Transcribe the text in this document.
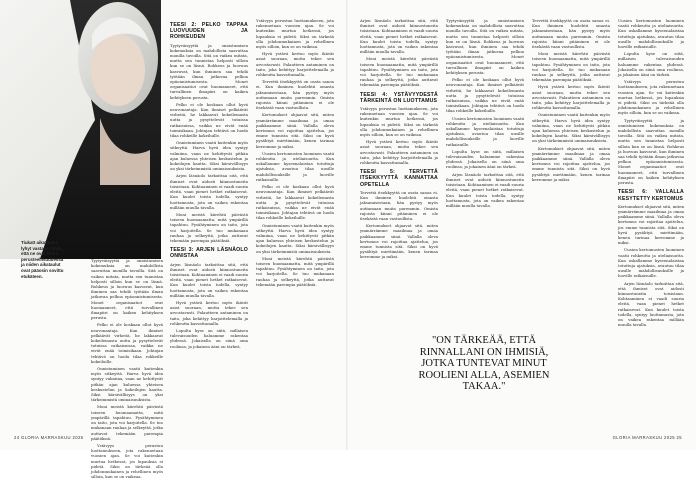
Tiukatt aikataulot: lyhyt vastaus tähän, että ne ovat kiinni perusteellisuudessa ja niiden aikataulut ovat pääosin sovittu etukäteen.

Tyytyväisyyttä ja onnistumisen kokemuksia on mahdollista saavuttaa monilla tavoilla. Sitä on vaikea mitata, mutta sen tunnistaa helposti silloin kun se on läsnä. Rohkeus ja luovuus kasvavat, kun ihminen saa tehdä työtään ilman jatkuvaa pelkoa epäonnistumisesta. Monet organisaatiot ovat huomanneet, että turvallinen ilmapiiri on kaiken kehityksen perusta.

Pelko ei ole koskaan ollut hyvä neuvonantaja. Kun ihmiset pelkäävät virheitä, he lakkaavat kokeilemasta uutta ja pysyttelevät tutuissa ratkaisuissa, vaikka ne eivät enää toimisikaan. Johtajan tehtävä on luoda tilaa rohkeille kokeiluille.

Onnistuminen vaatii kuitenkin myös sitkeyttä. Harva hyvä idea syntyy valmiina, vaan ne kehittyvät pitkän ajan kuluessa yhteisen keskustelun ja kokeilujen kautta. Siksi kärsivällisyys on yksi tärkeimmistä ominaisuuksista.

Moni meistä kiirehtii päivästä toiseen huomaamatta, mitä ympärillä tapahtuu. Pysähtyminen on taito, jota voi harjoitella. Se tuo mukanaan rauhaa ja selkeyttä, jotka auttavat tekemään parempia päätöksiä.

Ystävyys perustuu luottamukseen, jota rakennetaan vuosien ajan. Se voi kuitenkin murtua hetkessä, jos lupauksia ei pidetä. Siksi on tärkeää olla johdonmukainen ja rehellinen myös silloin, kun se on vaikeaa.

TEESI 2: PELKO TAPPAA LUOVUUDEN JA ROHKEUDEN

Tyytyväisyyttä ja onnistumisen kokemuksia on mahdollista saavuttaa monilla tavoilla. Sitä on vaikea mitata, mutta sen tunnistaa helposti silloin kun se on läsnä. Rohkeus ja luovuus kasvavat, kun ihminen saa tehdä työtään ilman jatkuvaa pelkoa epäonnistumisesta. Monet organisaatiot ovat huomanneet, että turvallinen ilmapiiri on kaiken kehityksen perusta.

Pelko ei ole koskaan ollut hyvä neuvonantaja. Kun ihmiset pelkäävät virheitä, he lakkaavat kokeilemasta uutta ja pysyttelevät tutuissa ratkaisuissa, vaikka ne eivät enää toimisikaan. Johtajan tehtävä on luoda tilaa rohkeille kokeiluille.

Onnistuminen vaatii kuitenkin myös sitkeyttä. Harva hyvä idea syntyy valmiina, vaan ne kehittyvät pitkän ajan kuluessa yhteisen keskustelun ja kokeilujen kautta. Siksi kärsivällisyys on yksi tärkeimmistä ominaisuuksista.

Arjen läsnäolo tarkoittaa sitä, että ihmiset ovat aidosti kiinnostuneita toisistaan. Kohtaaminen ei vaadi suuria eleitä, vaan pienet hetket ratkaisevat. Kun kuulet toista todella, syntyy luottamusta, jota on vaikea rakentaa millään muulla tavalla.

Moni meistä kiirehtii päivästä toiseen huomaamatta, mitä ympärillä tapahtuu. Pysähtyminen on taito, jota voi harjoitella. Se tuo mukanaan rauhaa ja selkeyttä, jotka auttavat tekemään parempia päätöksiä.

TEESI 3: ARJEN LÄSNÄOLO ONNISTAA

Arjen läsnäolo tarkoittaa sitä, että ihmiset ovat aidosti kiinnostuneita toisistaan. Kohtaaminen ei vaadi suuria eleitä, vaan pienet hetket ratkaisevat. Kun kuulet toista todella, syntyy luottamusta, jota on vaikea rakentaa millään muulla tavalla.

Hyvä ystävä kertoo myös ikävät asiat suoraan, mutta tekee sen arvostavasti. Palautteen antaminen on taito, joka kehittyy harjoittelemalla ja rohkeutta kasvattamalla.

Lopulta kyse on siitä, millaisen tulevaisuuden haluamme rakentaa yhdessä. Jokaisella on siinä oma roolinsa, ja jokainen ääni on tärkeä.

Ystävyys perustuu luottamukseen, jota rakennetaan vuosien ajan. Se voi kuitenkin murtua hetkessä, jos lupauksia ei pidetä. Siksi on tärkeää olla johdonmukainen ja rehellinen myös silloin, kun se on vaikeaa.

Hyvä ystävä kertoo myös ikävät asiat suoraan, mutta tekee sen arvostavasti. Palautteen antaminen on taito, joka kehittyy harjoittelemalla ja rohkeutta kasvattamalla.

Tervettä itsekkyyttä on osata sanoa ei. Kun ihminen huolehtii omasta jaksamisestaan, hän pystyy myös auttamaan muita paremmin. Omista rajoista kiinni pitäminen ei ole itsekästä vaan vastuullista.

Kertomukset ohjaavat sitä, miten ymmärrämme maailmaa ja omaa paikkaamme siinä. Vallalla oleva kertomus voi rajoittaa ajattelua, jos emme tunnista sitä. Siksi on hyvä pysähtyä miettimään, kenen tarinaa kerromme ja miksi.

Uusien kertomusten luominen vaatii rohkeutta ja uteliaisuutta. Kun uskallamme kyseenalaistaa totuttuja ajatuksia, avautuu tilaa uusille mahdollisuuksille ja luoville ratkaisuille.

Pelko ei ole koskaan ollut hyvä neuvonantaja. Kun ihmiset pelkäävät virheitä, he lakkaavat kokeilemasta uutta ja pysyttelevät tutuissa ratkaisuissa, vaikka ne eivät enää toimisikaan. Johtajan tehtävä on luoda tilaa rohkeille kokeiluille.

Onnistuminen vaatii kuitenkin myös sitkeyttä. Harva hyvä idea syntyy valmiina, vaan ne kehittyvät pitkän ajan kuluessa yhteisen keskustelun ja kokeilujen kautta. Siksi kärsivällisyys on yksi tärkeimmistä ominaisuuksista.

Moni meistä kiirehtii päivästä toiseen huomaamatta, mitä ympärillä tapahtuu. Pysähtyminen on taito, jota voi harjoitella. Se tuo mukanaan rauhaa ja selkeyttä, jotka auttavat tekemään parempia päätöksiä.

24 GLORIA MARRASKUU 2025

Arjen läsnäolo tarkoittaa sitä, että ihmiset ovat aidosti kiinnostuneita toisistaan. Kohtaaminen ei vaadi suuria eleitä, vaan pienet hetket ratkaisevat. Kun kuulet toista todella, syntyy luottamusta, jota on vaikea rakentaa millään muulla tavalla.

Moni meistä kiirehtii päivästä toiseen huomaamatta, mitä ympärillä tapahtuu. Pysähtyminen on taito, jota voi harjoitella. Se tuo mukanaan rauhaa ja selkeyttä, jotka auttavat tekemään parempia päätöksiä.

TEESI 4: YSTÄVYYDESTÄ TÄRKEINTÄ ON LUOTTAMUS

Ystävyys perustuu luottamukseen, jota rakennetaan vuosien ajan. Se voi kuitenkin murtua hetkessä, jos lupauksia ei pidetä. Siksi on tärkeää olla johdonmukainen ja rehellinen myös silloin, kun se on vaikeaa.

Hyvä ystävä kertoo myös ikävät asiat suoraan, mutta tekee sen arvostavasti. Palautteen antaminen on taito, joka kehittyy harjoittelemalla ja rohkeutta kasvattamalla.

TEESI 5: TERVETTÄ ITSEKKYYTTÄ KANNATTAA OPETELLA

Tervettä itsekkyyttä on osata sanoa ei. Kun ihminen huolehtii omasta jaksamisestaan, hän pystyy myös auttamaan muita paremmin. Omista rajoista kiinni pitäminen ei ole itsekästä vaan vastuullista.

Kertomukset ohjaavat sitä, miten ymmärrämme maailmaa ja omaa paikkaamme siinä. Vallalla oleva kertomus voi rajoittaa ajattelua, jos emme tunnista sitä. Siksi on hyvä pysähtyä miettimään, kenen tarinaa kerromme ja miksi.

Tyytyväisyyttä ja onnistumisen kokemuksia on mahdollista saavuttaa monilla tavoilla. Sitä on vaikea mitata, mutta sen tunnistaa helposti silloin kun se on läsnä. Rohkeus ja luovuus kasvavat, kun ihminen saa tehdä työtään ilman jatkuvaa pelkoa epäonnistumisesta. Monet organisaatiot ovat huomanneet, että turvallinen ilmapiiri on kaiken kehityksen perusta.

Pelko ei ole koskaan ollut hyvä neuvonantaja. Kun ihmiset pelkäävät virheitä, he lakkaavat kokeilemasta uutta ja pysyttelevät tutuissa ratkaisuissa, vaikka ne eivät enää toimisikaan. Johtajan tehtävä on luoda tilaa rohkeille kokeiluille.

Uusien kertomusten luominen vaatii rohkeutta ja uteliaisuutta. Kun uskallamme kyseenalaistaa totuttuja ajatuksia, avautuu tilaa uusille mahdollisuuksille ja luoville ratkaisuille.

Lopulta kyse on siitä, millaisen tulevaisuuden haluamme rakentaa yhdessä. Jokaisella on siinä oma roolinsa, ja jokainen ääni on tärkeä.

Arjen läsnäolo tarkoittaa sitä, että ihmiset ovat aidosti kiinnostuneita toisistaan. Kohtaaminen ei vaadi suuria eleitä, vaan pienet hetket ratkaisevat. Kun kuulet toista todella, syntyy luottamusta, jota on vaikea rakentaa millään muulla tavalla.

Tervettä itsekkyyttä on osata sanoa ei. Kun ihminen huolehtii omasta jaksamisestaan, hän pystyy myös auttamaan muita paremmin. Omista rajoista kiinni pitäminen ei ole itsekästä vaan vastuullista.

Moni meistä kiirehtii päivästä toiseen huomaamatta, mitä ympärillä tapahtuu. Pysähtyminen on taito, jota voi harjoitella. Se tuo mukanaan rauhaa ja selkeyttä, jotka auttavat tekemään parempia päätöksiä.

Hyvä ystävä kertoo myös ikävät asiat suoraan, mutta tekee sen arvostavasti. Palautteen antaminen on taito, joka kehittyy harjoittelemalla ja rohkeutta kasvattamalla.

Onnistuminen vaatii kuitenkin myös sitkeyttä. Harva hyvä idea syntyy valmiina, vaan ne kehittyvät pitkän ajan kuluessa yhteisen keskustelun ja kokeilujen kautta. Siksi kärsivällisyys on yksi tärkeimmistä ominaisuuksista.

Kertomukset ohjaavat sitä, miten ymmärrämme maailmaa ja omaa paikkaamme siinä. Vallalla oleva kertomus voi rajoittaa ajattelua, jos emme tunnista sitä. Siksi on hyvä pysähtyä miettimään, kenen tarinaa kerromme ja miksi.

Uusien kertomusten luominen vaatii rohkeutta ja uteliaisuutta. Kun uskallamme kyseenalaistaa totuttuja ajatuksia, avautuu tilaa uusille mahdollisuuksille ja luoville ratkaisuille.

Lopulta kyse on siitä, millaisen tulevaisuuden haluamme rakentaa yhdessä. Jokaisella on siinä oma roolinsa, ja jokainen ääni on tärkeä.

Ystävyys perustuu luottamukseen, jota rakennetaan vuosien ajan. Se voi kuitenkin murtua hetkessä, jos lupauksia ei pidetä. Siksi on tärkeää olla johdonmukainen ja rehellinen myös silloin, kun se on vaikeaa.

Tyytyväisyyttä ja onnistumisen kokemuksia on mahdollista saavuttaa monilla tavoilla. Sitä on vaikea mitata, mutta sen tunnistaa helposti silloin kun se on läsnä. Rohkeus ja luovuus kasvavat, kun ihminen saa tehdä työtään ilman jatkuvaa pelkoa epäonnistumisesta. Monet organisaatiot ovat huomanneet, että turvallinen ilmapiiri on kaiken kehityksen perusta.

TEESI 6: VALLALLA KESYTETTY KERTOMUS

Kertomukset ohjaavat sitä, miten ymmärrämme maailmaa ja omaa paikkaamme siinä. Vallalla oleva kertomus voi rajoittaa ajattelua, jos emme tunnista sitä. Siksi on hyvä pysähtyä miettimään, kenen tarinaa kerromme ja miksi.

Uusien kertomusten luominen vaatii rohkeutta ja uteliaisuutta. Kun uskallamme kyseenalaistaa totuttuja ajatuksia, avautuu tilaa uusille mahdollisuuksille ja luoville ratkaisuille.

Arjen läsnäolo tarkoittaa sitä, että ihmiset ovat aidosti kiinnostuneita toisistaan. Kohtaaminen ei vaadi suuria eleitä, vaan pienet hetket ratkaisevat. Kun kuulet toista todella, syntyy luottamusta, jota on vaikea rakentaa millään muulla tavalla.

GLORIA MARRASKUU 2025 25
"ON TÄRKEÄÄ, ETTÄ RINNALLANI ON IHMISIÄ, JOTKA TUNTEVAT MINUT ROOLIENI ALLA, ASEMIEN TAKAA."
